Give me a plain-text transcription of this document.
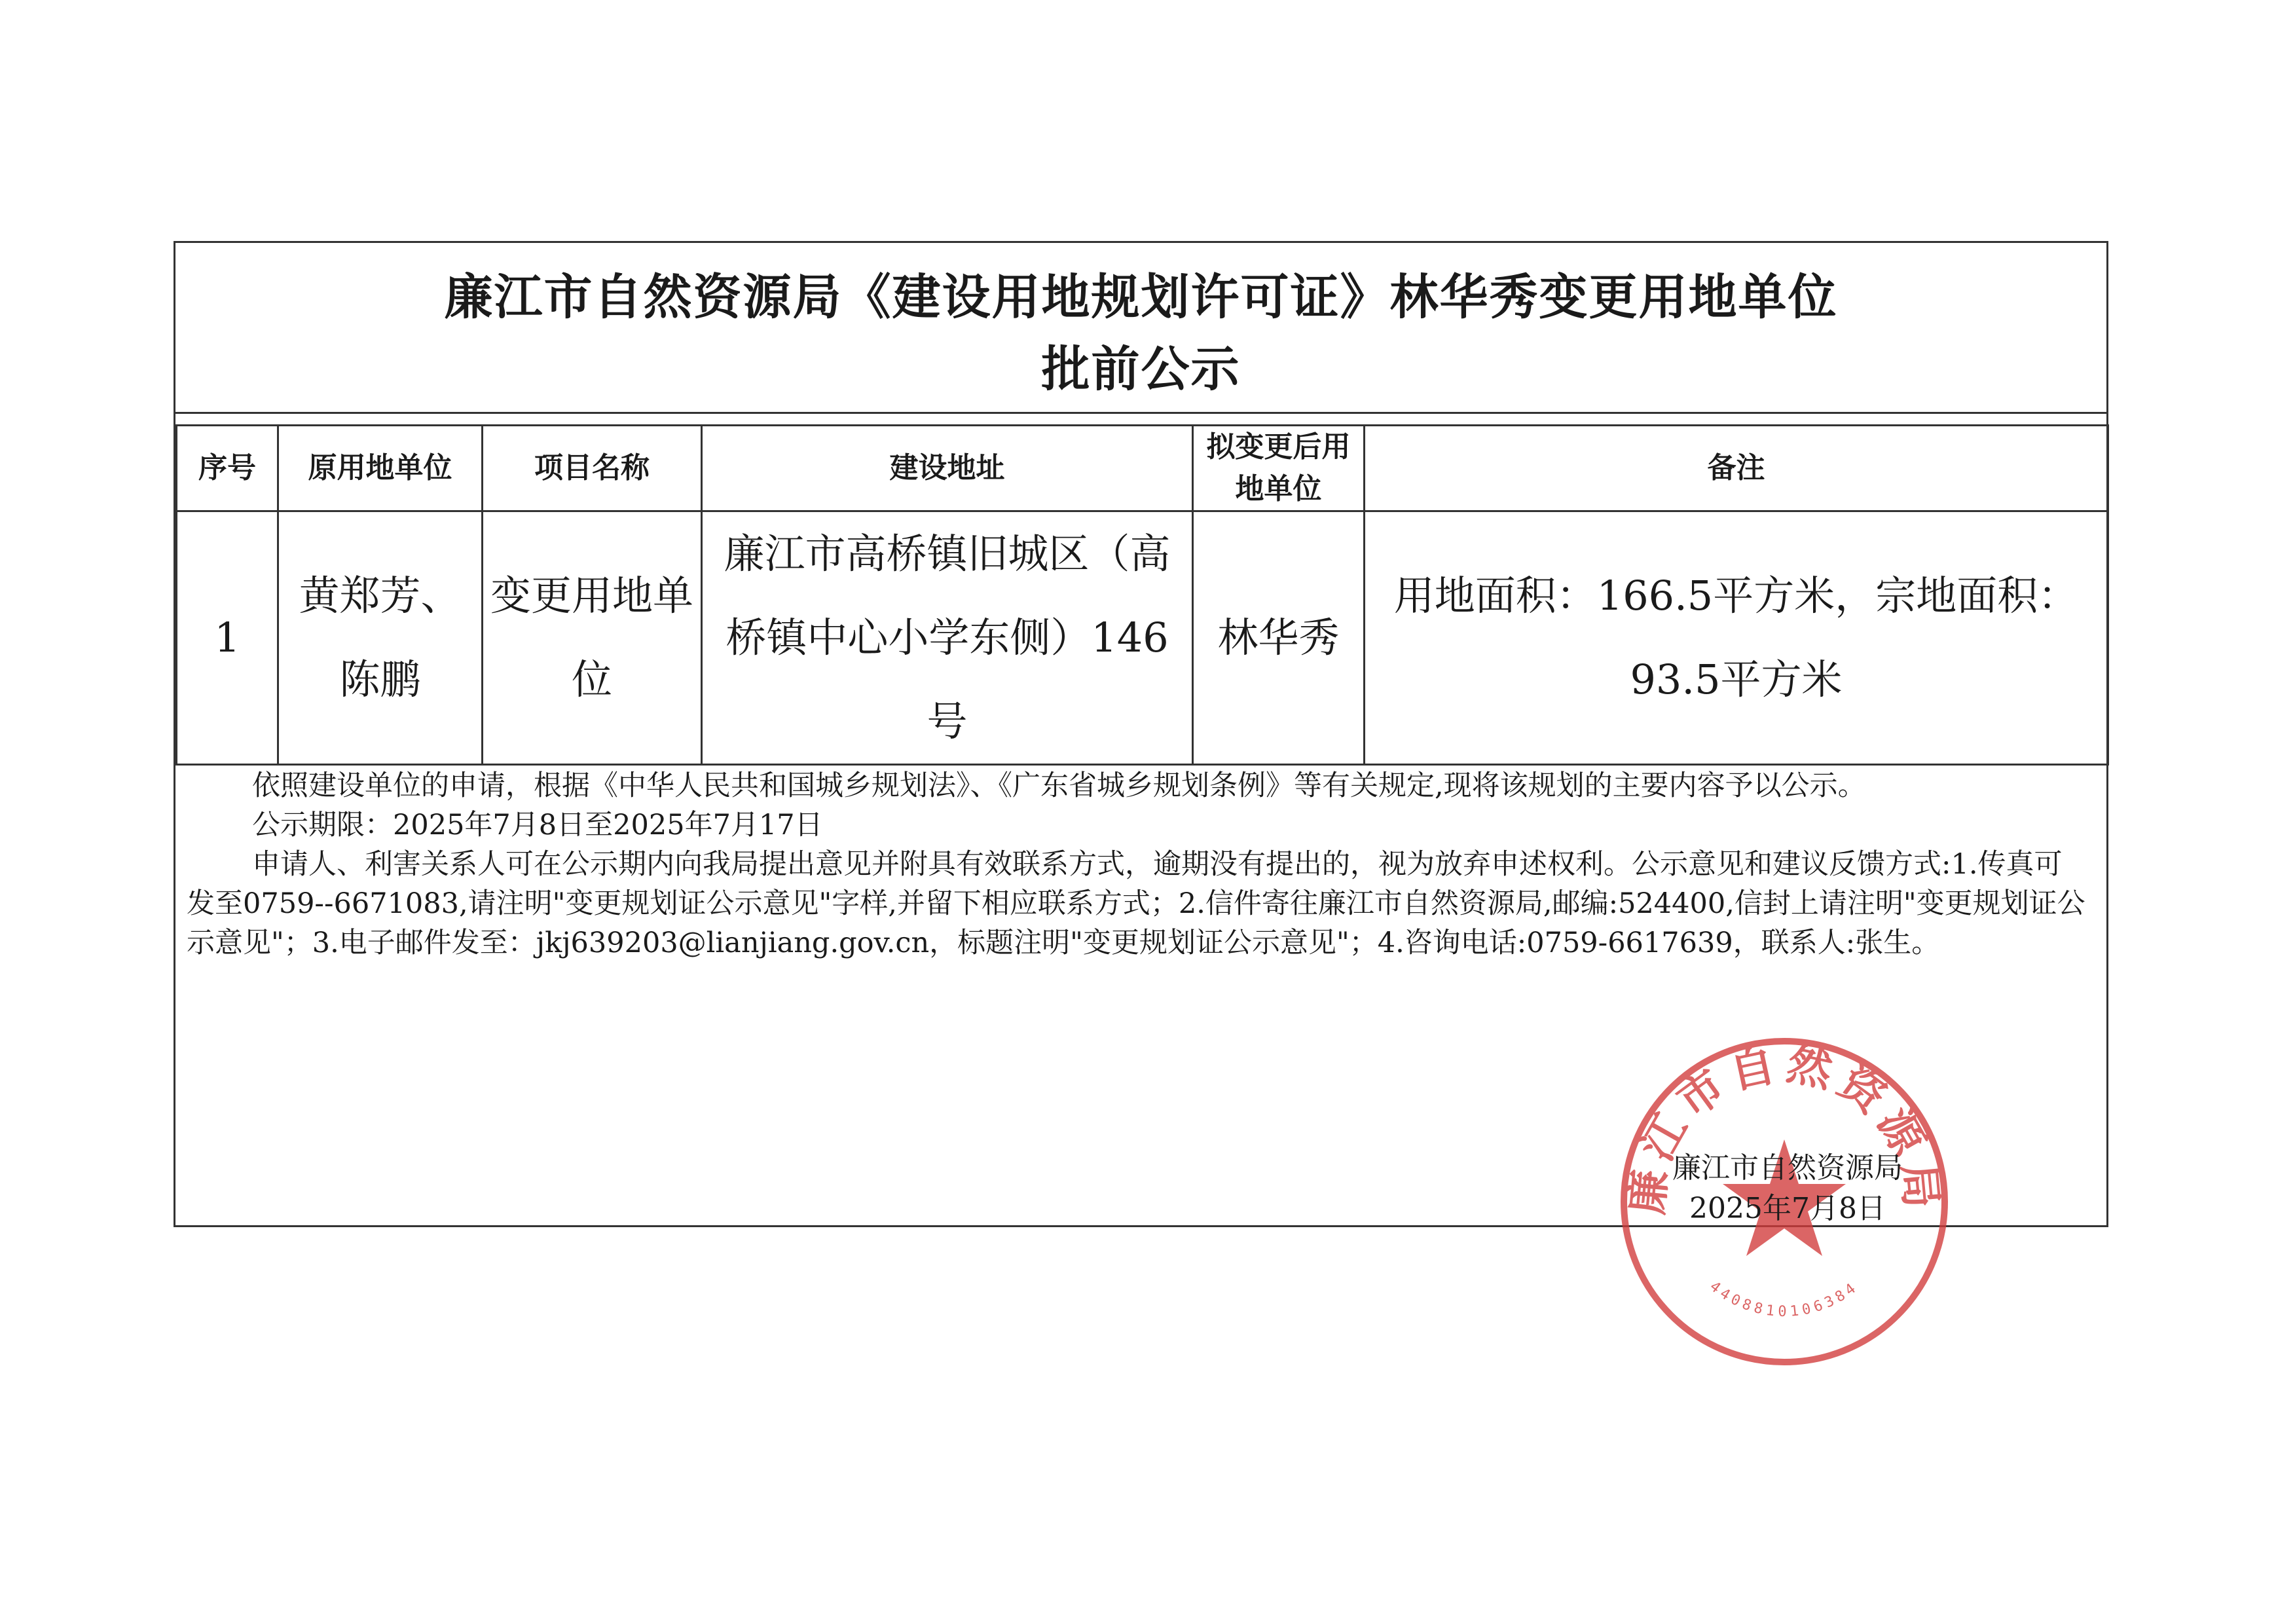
廉江市自然资源局《建设用地规划许可证》林华秀变更用地单位
批前公示
序号	原用地单位	项目名称	建设地址	拟变更后用地单位	备注
1	黄郑芳、陈鹏	变更用地单位	廉江市高桥镇旧城区（高桥镇中心小学东侧）146号	林华秀	用地面积：166.5平方米，宗地面积：93.5平方米

依照建设单位的申请，根据《中华人民共和国城乡规划法》、《广东省城乡规划条例》等有关规定,现将该规划的主要内容予以公示。

公示期限：2025年7月8日至2025年7月17日

申请人、利害关系人可在公示期内向我局提出意见并附具有效联系方式，逾期没有提出的，视为放弃申述权利。公示意见和建议反馈方式:1.传真可发至0759--6671083,请注明"变更规划证公示意见"字样,并留下相应联系方式；2.信件寄往廉江市自然资源局,邮编:524400,信封上请注明"变更规划证公示意见"；3.电子邮件发至：jkj639203@lianjiang.gov.cn，标题注明"变更规划证公示意见"；4.咨询电话:0759-6617639，联系人:张生。

廉江市自然资源局
4408810106384
廉江市自然资源局
2025年7月8日
